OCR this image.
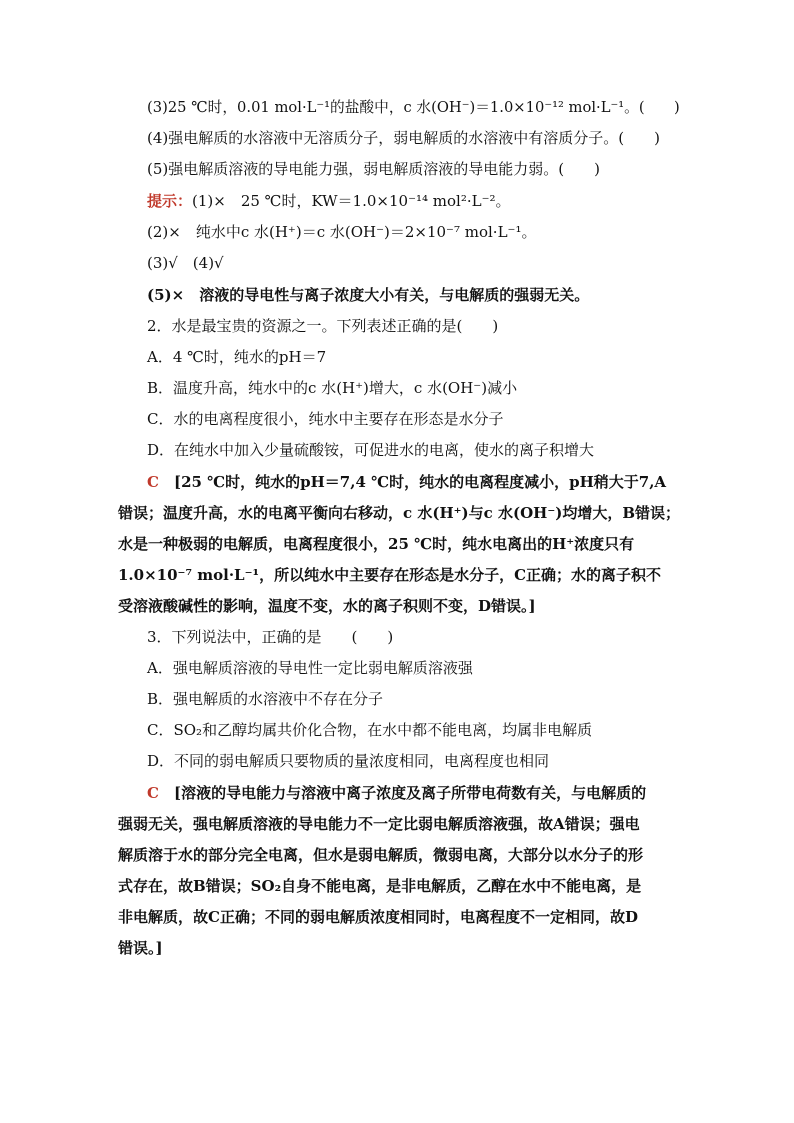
(3)25 ℃时，0.01 mol·L⁻¹的盐酸中，c 水(OH⁻)＝1.0×10⁻¹² mol·L⁻¹。(　　)
(4)强电解质的水溶液中无溶质分子，弱电解质的水溶液中有溶质分子。(　　)
(5)强电解质溶液的导电能力强，弱电解质溶液的导电能力弱。(　　)
提示：(1)×　25 ℃时，KW＝1.0×10⁻¹⁴ mol²·L⁻²。
(2)×　纯水中c 水(H⁺)＝c 水(OH⁻)＝2×10⁻⁷ mol·L⁻¹。
(3)√　(4)√
(5)×　溶液的导电性与离子浓度大小有关，与电解质的强弱无关。
2．水是最宝贵的资源之一。下列表述正确的是(　　)
A．4 ℃时，纯水的pH＝7
B．温度升高，纯水中的c 水(H⁺)增大，c 水(OH⁻)减小
C．水的电离程度很小，纯水中主要存在形态是水分子
D．在纯水中加入少量硫酸铵，可促进水的电离，使水的离子积增大
C　 [25 ℃时，纯水的pH＝7,4 ℃时，纯水的电离程度减小，pH稍大于7,A
错误；温度升高，水的电离平衡向右移动，c 水(H⁺)与c 水(OH⁻)均增大，B错误；
水是一种极弱的电解质，电离程度很小，25 ℃时，纯水电离出的H⁺浓度只有
1.0×10⁻⁷ mol·L⁻¹，所以纯水中主要存在形态是水分子，C正确；水的离子积不
受溶液酸碱性的影响，温度不变，水的离子积则不变，D错误。]
3．下列说法中，正确的是　　(　　)
A．强电解质溶液的导电性一定比弱电解质溶液强
B．强电解质的水溶液中不存在分子
C．SO₂和乙醇均属共价化合物，在水中都不能电离，均属非电解质
D．不同的弱电解质只要物质的量浓度相同，电离程度也相同
C　 [溶液的导电能力与溶液中离子浓度及离子所带电荷数有关，与电解质的
强弱无关，强电解质溶液的导电能力不一定比弱电解质溶液强，故A错误；强电
解质溶于水的部分完全电离，但水是弱电解质，微弱电离，大部分以水分子的形
式存在，故B错误；SO₂自身不能电离，是非电解质，乙醇在水中不能电离，是
非电解质，故C正确；不同的弱电解质浓度相同时，电离程度不一定相同，故D
错误。]
